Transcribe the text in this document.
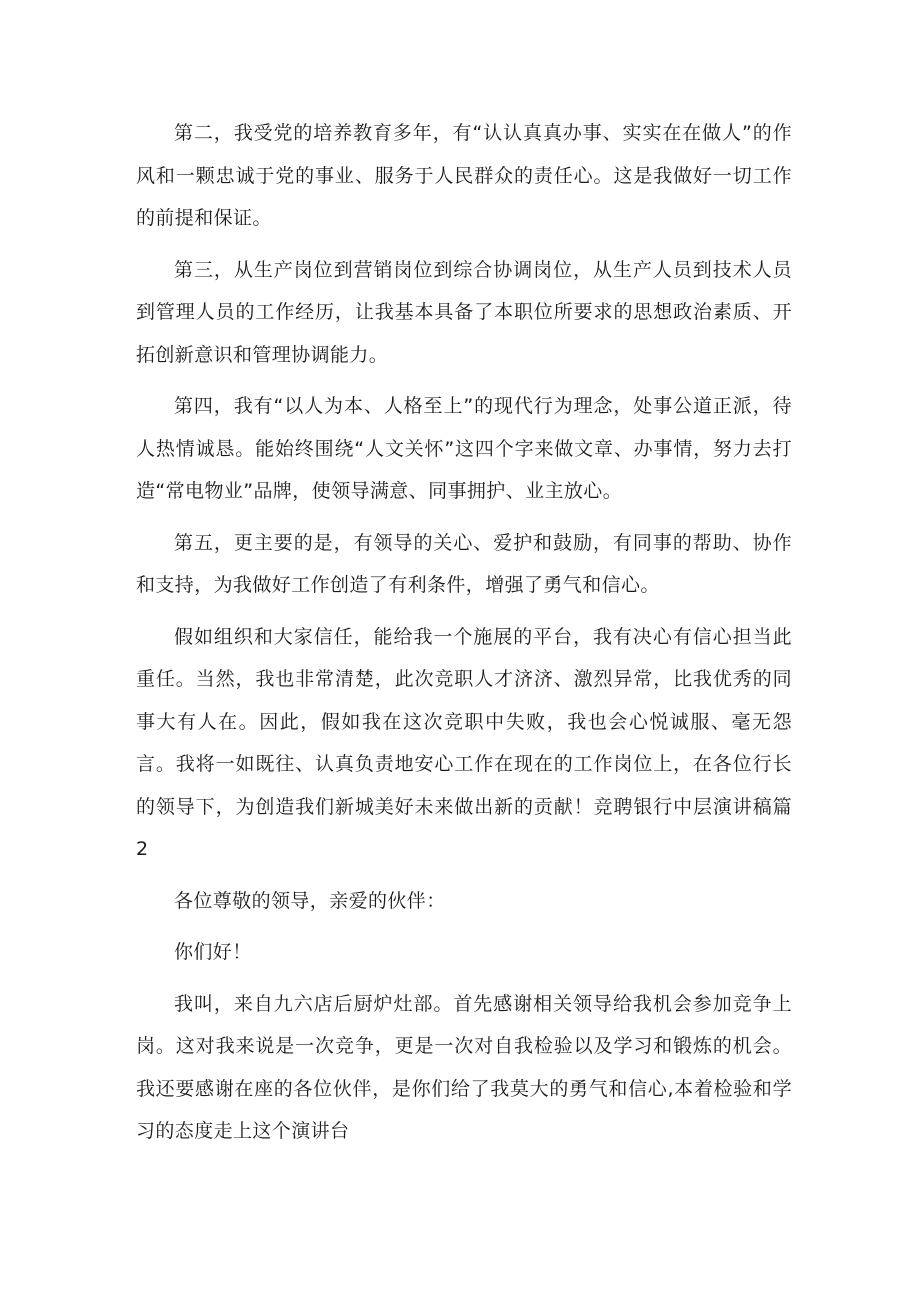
第二，我受党的培养教育多年，有“认认真真办事、实实在在做人”的作风和一颗忠诚于党的事业、服务于人民群众的责任心。这是我做好一切工作的前提和保证。

第三，从生产岗位到营销岗位到综合协调岗位，从生产人员到技术人员到管理人员的工作经历，让我基本具备了本职位所要求的思想政治素质、开拓创新意识和管理协调能力。

第四，我有“以人为本、人格至上”的现代行为理念，处事公道正派，待人热情诚恳。能始终围绕“人文关怀”这四个字来做文章、办事情，努力去打造“常电物业”品牌，使领导满意、同事拥护、业主放心。

第五，更主要的是，有领导的关心、爱护和鼓励，有同事的帮助、协作和支持，为我做好工作创造了有利条件，增强了勇气和信心。

假如组织和大家信任，能给我一个施展的平台，我有决心有信心担当此重任。当然，我也非常清楚，此次竞职人才济济、激烈异常，比我优秀的同事大有人在。因此，假如我在这次竞职中失败，我也会心悦诚服、毫无怨言。我将一如既往、认真负责地安心工作在现在的工作岗位上，在各位行长的领导下，为创造我们新城美好未来做出新的贡献！竞聘银行中层演讲稿篇 2

各位尊敬的领导，亲爱的伙伴：

你们好！

我叫，来自九六店后厨炉灶部。首先感谢相关领导给我机会参加竞争上岗。这对我来说是一次竞争，更是一次对自我检验以及学习和锻炼的机会。我还要感谢在座的各位伙伴，是你们给了我莫大的勇气和信心,本着检验和学习的态度走上这个演讲台
